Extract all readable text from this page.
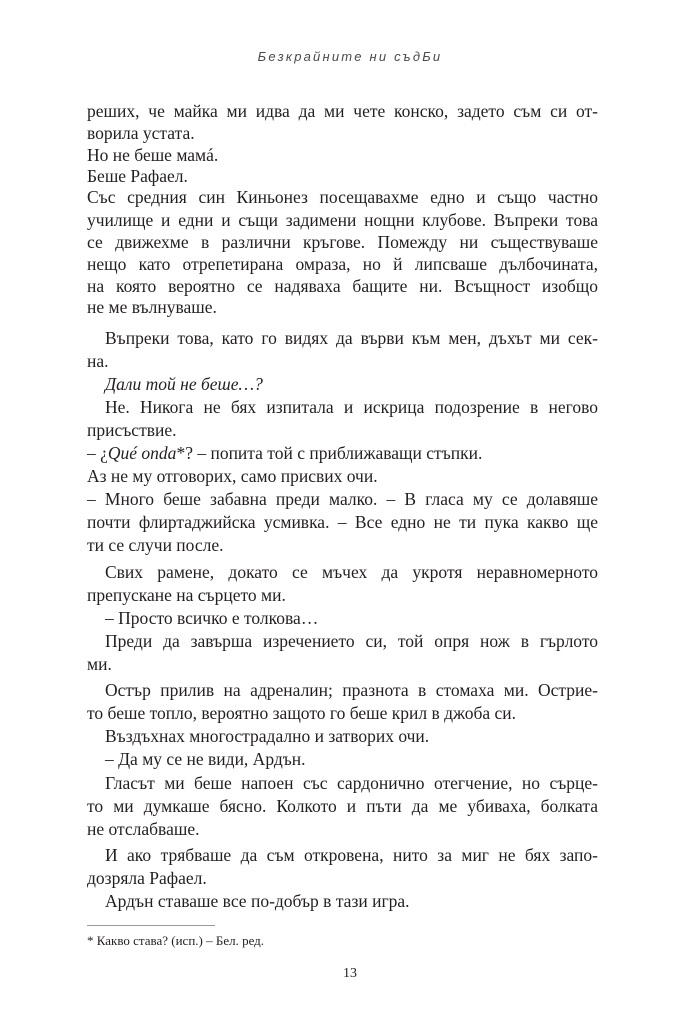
Безкрайните ни съдБи
реших, че майка ми идва да ми чете конско, задето съм си от-
ворила устата.
Но не беше мамá.
Беше Рафаел.
Със средния син Киньонез посещавахме едно и също частно
училище и едни и същи задимени нощни клубове. Въпреки това
се движехме в различни кръгове. Помежду ни съществуваше
нещо като отрепетирана омраза, но й липсваше дълбочината,
на която вероятно се надяваха бащите ни. Всъщност изобщо
не ме вълнуваше.
Въпреки това, като го видях да върви към мен, дъхът ми сек-
на.
Дали той не беше…?
Не. Никога не бях изпитала и искрица подозрение в негово
присъствие.
– ¿Qué onda*? – попита той с приближаващи стъпки.
Аз не му отговорих, само присвих очи.
– Много беше забавна преди малко. – В гласа му се долавяше
почти флиртаджийска усмивка. – Все едно не ти пука какво ще
ти се случи после.
Свих рамене, докато се мъчех да укротя неравномерното
препускане на сърцето ми.
– Просто всичко е толкова…
Преди да завърша изречението си, той опря нож в гърлото
ми.
Остър прилив на адреналин; празнота в стомаха ми. Острие-
то беше топло, вероятно защото го беше крил в джоба си.
Въздъхнах многострадално и затворих очи.
– Да му се не види, Ардън.
Гласът ми беше напоен със сардонично отегчение, но сърце-
то ми думкаше бясно. Колкото и пъти да ме убиваха, болката
не отслабваше.
И ако трябваше да съм откровена, нито за миг не бях запо-
дозряла Рафаел.
Ардън ставаше все по-добър в тази игра.
* Какво става? (исп.) – Бел. ред.
13
